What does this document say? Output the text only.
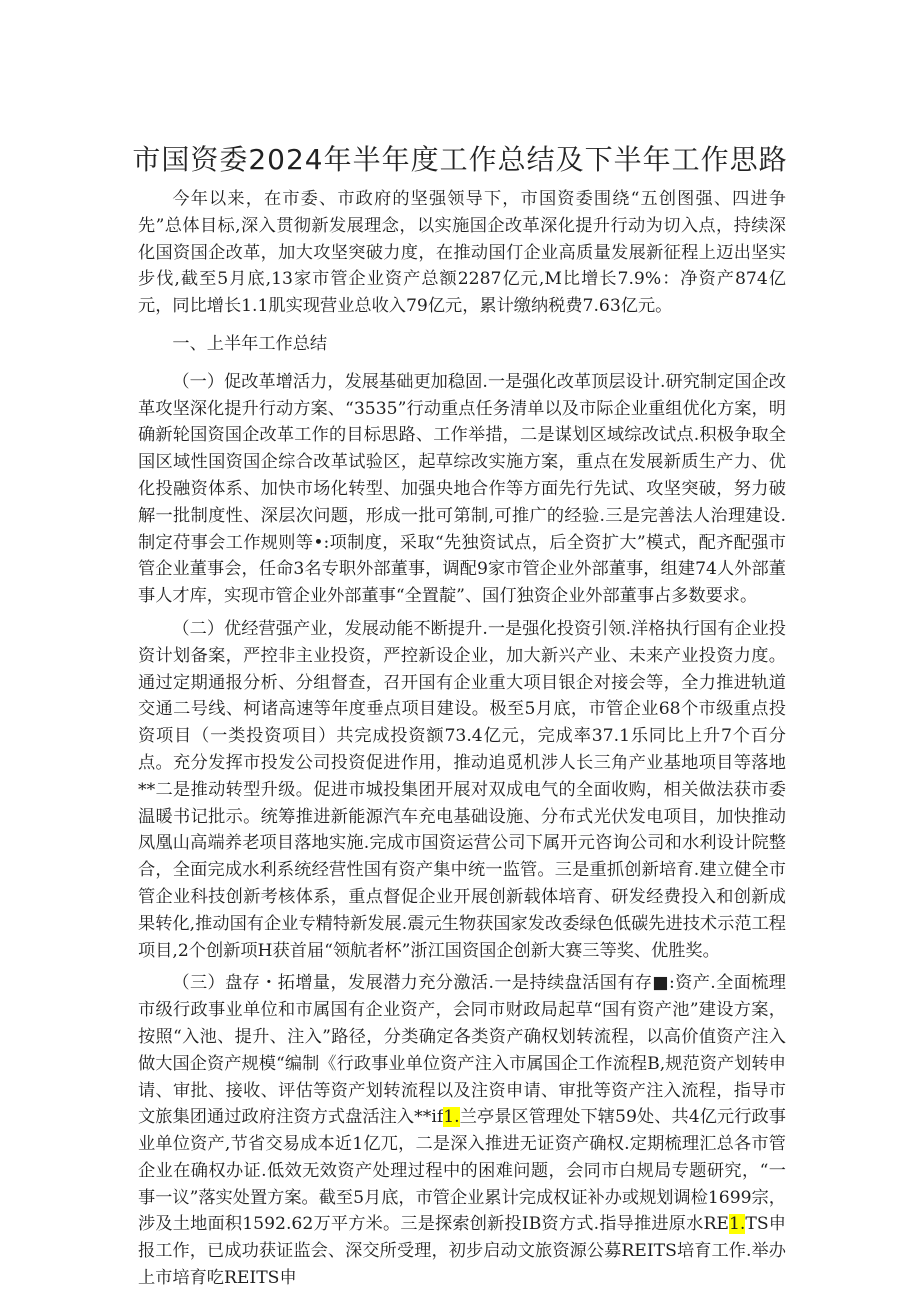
市国资委2024年半年度工作总结及下半年工作思路

今年以来，在市委、市政府的坚强领导下，市国资委围绕“五创图强、四进争先”总体目标,深入贯彻新发展理念，以实施国企改革深化提升行动为切入点，持续深化国资国企改革，加大攻坚突破力度，在推动国仃企业高质量发展新征程上迈出坚实步伐,截至5月底,13家市管企业资产总额2287亿元,M比增长7.9%：净资产874亿元，同比增长1.1肌实现营业总收入79亿元，累计缴纳税费7.63亿元。

一、上半年工作总结

（一）促改革增活力，发展基础更加稳固.一是强化改革顶层设计.研究制定国企改革攻坚深化提升行动方案、“3535”行动重点任务清单以及市际企业重组优化方案，明确新轮国资国企改革工作的目标思路、工作举措，二是谋划区域综改试点.积极争取全国区域性国资国企综合改革试验区，起草综改实施方案，重点在发展新质生产力、优化投融资体系、加快市场化转型、加强央地合作等方面先行先试、攻坚突破，努力破解一批制度性、深层次问题，形成一批可第制,可推广的经验.三是完善法人治理建设.制定苻事会工作规则等•:项制度，采取“先独资试点，后全资扩大”模式，配齐配强市管企业董事会，任命3名专职外部董事，调配9家市管企业外部董事，组建74人外部董事人才库，实现市管企业外部董事“全置靛”、国仃独资企业外部董事占多数要求。

（二）优经营强产业，发展动能不断提升.一是强化投资引领.洋格执行国有企业投资计划备案，严控非主业投资，严控新设企业，加大新兴产业、未来产业投资力度。通过定期通报分析、分组督查，召开国有企业重大项目银企对接会等，全力推进轨道交通二号线、柯诸高速等年度垂点项目建设。极至5月底，市管企业68个市级重点投资项目（一类投资项目）共完成投资额73.4亿元，完成率37.1乐同比上升7个百分点。充分发挥市投发公司投资促进作用，推动追觅机涉人长三角产业基地项目等落地**二是推动转型升级。促进市城投集团开展对双成电气的全面收购，相关做法获市委温暖书记批示。统筹推进新能源汽车充电基础设施、分布式光伏发电项目，加快推动凤凰山高端养老项目落地实施.完成市国资运营公司下属开元咨询公司和水利设计院整合，全面完成水利系统经营性国有资产集中统一监管。三是重抓创新培育.建立健全市管企业科技创新考核体系，重点督促企业开展创新载体培育、研发经费投入和创新成果转化,推动国有企业专精特新发展.震元生物获国家发改委绿色低碳先进技术示范工程项目,2个创新项H获首届“领航者杯”浙江国资国企创新大赛三等奖、优胜奖。

（三）盘存・拓增量，发展潜力充分激活.一是持续盘活国有存■:资产.全面梳理市级行政事业单位和市属国有企业资产，会同市财政局起草“国有资产池”建设方案，按照“入池、提升、注入”路径，分类确定各类资产确权划转流程，以高价值资产注入做大国企资产规模“编制《行政事业单位资产注入市属国企工作流程B,规范资产划转申请、审批、接收、评估等资产划转流程以及注资申请、审批等资产注入流程，指导市文旅集团通过政府注资方式盘活注入**if1.兰亭景区管理处下辖59处、共4亿元行政事业单位资产,节省交易成本近1亿兀，二是深入推进无证资产确权.定期梳理汇总各市管企业在确权办证.低效无效资产处理过程中的困难问题，会同市白规局专题研究，“一事一议”落实处置方案。截至5月底，市管企业累计完成权证补办或规划调检1699宗，涉及土地面积1592.62万平方米。三是探索创新投IB资方式.指导推进原水RE1.TS申报工作，已成功获证监会、深交所受理，初步启动文旅资源公募REITS培育工作.举办上市培育吃REITS申
